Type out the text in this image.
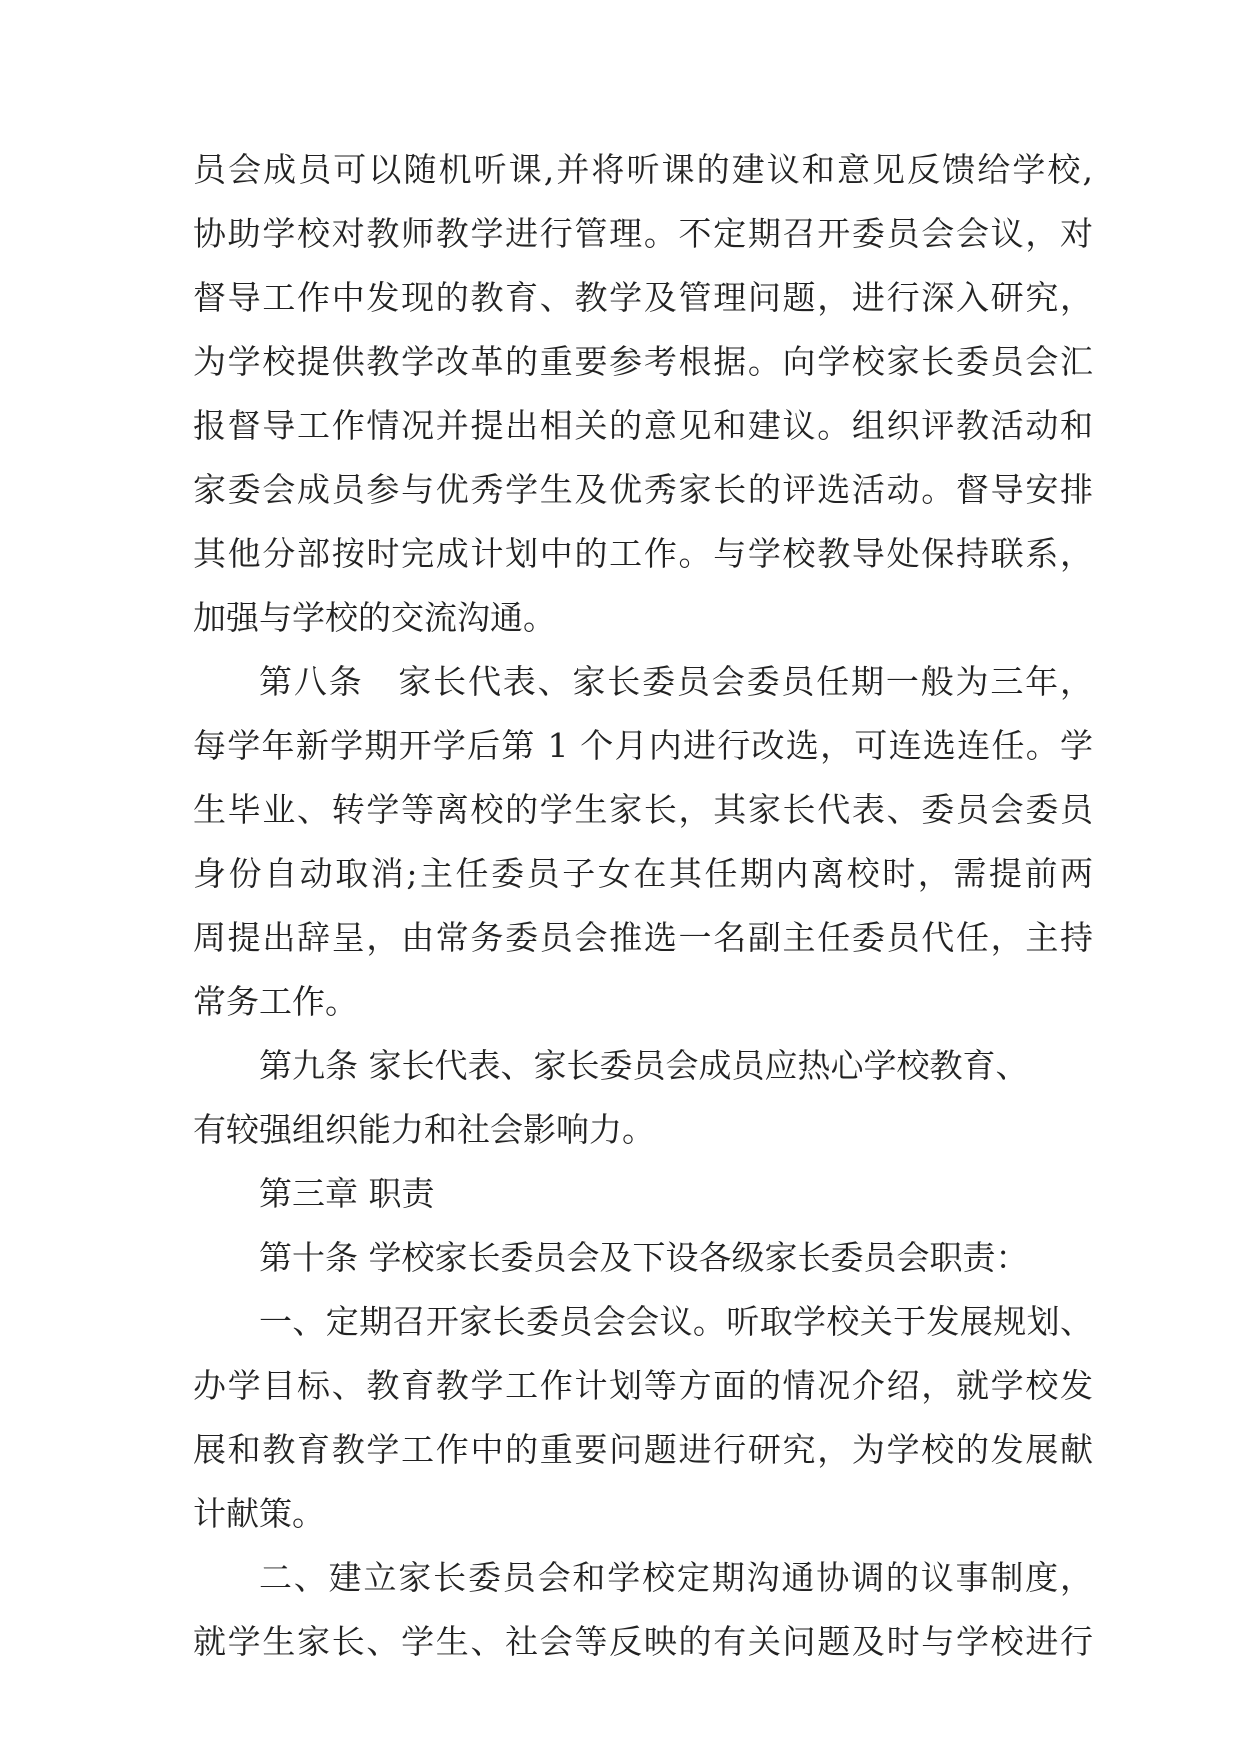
员会成员可以随机听课,并将听课的建议和意见反馈给学校,
协助学校对教师教学进行管理。不定期召开委员会会议，对
督导工作中发现的教育、教学及管理问题，进行深入研究，
为学校提供教学改革的重要参考根据。向学校家长委员会汇
报督导工作情况并提出相关的意见和建议。组织评教活动和
家委会成员参与优秀学生及优秀家长的评选活动。督导安排
其他分部按时完成计划中的工作。与学校教导处保持联系，
加强与学校的交流沟通。
第八条　家长代表、家长委员会委员任期一般为三年，
每学年新学期开学后第 1 个月内进行改选，可连选连任。学
生毕业、转学等离校的学生家长，其家长代表、委员会委员
身份自动取消;主任委员子女在其任期内离校时，需提前两
周提出辞呈，由常务委员会推选一名副主任委员代任，主持
常务工作。
第九条 家长代表、家长委员会成员应热心学校教育、
有较强组织能力和社会影响力。
第三章 职责
第十条 学校家长委员会及下设各级家长委员会职责：
一、定期召开家长委员会会议。听取学校关于发展规划、
办学目标、教育教学工作计划等方面的情况介绍，就学校发
展和教育教学工作中的重要问题进行研究，为学校的发展献
计献策。
二、建立家长委员会和学校定期沟通协调的议事制度，
就学生家长、学生、社会等反映的有关问题及时与学校进行
